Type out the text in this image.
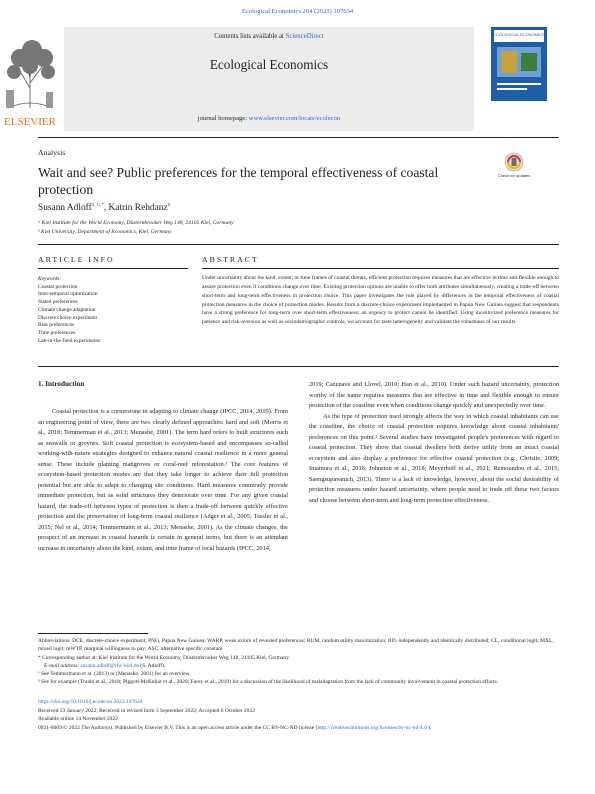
Ecological Economics 204 (2023) 107634
ELSEVIER
Contents lists available at ScienceDirect
Ecological Economics
journal homepage: www.elsevier.com/locate/ecolecon
ECOLOGICAL ECONOMICS
Analysis
Wait and see? Public preferences for the temporal effectiveness of coastal protection
Check for updates
Susann Adloff$^{a, b,*}$, Katrin Rehdanz$^b$
ᵃ Kiel Institute for the World Economy, Düsternbrooker Weg 148, 24105 Kiel, Germany
ᵇ Kiel University, Department of Economics, Kiel, Germany
ARTICLE INFO
Keywords:
Coastal protection
Inter-temporal optimization
Stated preferences
Climate change adaptation
Discrete choice experiment
Risk preferences
Time preferences
Lab-in-the-field experiments
ABSTRACT
Under uncertainty about the kind, extent, or time frames of coastal threats, efficient protection requires measures that are effective in time and flexible enough to assure protection even if conditions change over time. Existing protection options are unable to offer both attributes simultaneously, creating a trade-off between short-term and long-term effectiveness in protection choice. This paper investigates the role played by differences in the temporal effectiveness of coastal protection measures in the choice of protection modes. Results from a discrete-choice experiment implemented in Papua New Guinea suggest that respondents have a strong preference for long-term over short-term effectiveness; an urgency to protect cannot be identified. Using incentivized preference measures for patience and risk-aversion as well as sociodemographic controls, we account for taste heterogeneity and validate the robustness of our results.
1. Introduction

Coastal protection is a cornerstone in adapting to climate change (IPCC, 2014, 2019). From an engineering point of view, there are two clearly defined approaches: hard and soft (Morris et al., 2018; Temmerman et al., 2013; Menashe, 2001). The term hard refers to built structures such as seawalls or groynes. Soft coastal protection is ecosystem-based and encompasses so-called working-with-nature strategies designed to enhance natural coastal resilience in a more general sense. These include planting mangroves or coral-reef reforestation.¹ The core features of ecosystem-based protection modes are that they take longer to achieve their full protection potential but are able to adapt to changing site conditions. Hard measures commonly provide immediate protection, but as solid structures they deteriorate over time. For any given coastal hazard, the trade-off between types of protection is then a trade-off between quickly effective protection and the preservation of long-term coastal resilience (Adger et al., 2005; Tessler et al., 2015; Nel et al., 2014; Temmermann et al., 2013; Menashe, 2001). As the climate changes, the prospect of an increase in coastal hazards is certain in general terms, but there is an attendant increase in uncertainty about the kind, extent, and time frame of local hazards (IPCC, 2014,

2019; Cazenave and Llovel, 2010; Han et al., 2010). Under such hazard uncertainty, protection worthy of the name requires measures that are effective in time and flexible enough to ensure protection of the coastline even when conditions change quickly and unexpectedly over time.

As the type of protection used strongly affects the way in which coastal inhabitants can use the coastline, the choice of coastal protection requires knowledge about coastal inhabitants' preferences on this point.² Several studies have investigated people's preferences with regard to coastal protection. They show that coastal dwellers both derive utility from an intact coastal ecosystem and also display a preference for effective coastal protection (e.g., Christie, 2009; Imamura et al., 2016; Johnston et al., 2018; Meyerhoff et al., 2021; Remoundou et al., 2015; Saengsupavanich, 2013). There is a lack of knowledge, however, about the social desirability of protection measures under hazard uncertainty, where people need to trade off these two factors and choose between short-term and long-term protection effectiveness.

Abbreviations: DCE, discrete-choice experiment; PNG, Papua New Guinea; WARP, weak axiom of revealed preferences; RUM, random utility maximization; IID, independently and identically distributed; CL, conditional logit; MXL, mixed logit; mWTP, marginal willingness to pay; ASC, alternative specific constant
* Corresponding author at: Kiel Institute for the World Economy, Düsternbrooker Weg 148, 24105 Kiel, Germany.
E-mail address: susann.adloff@ifw-kiel.de (S. Adloff).
¹ See Temmermann et al. (2013) or (Menashe, 2001) for an overview.
² See for example (Torabi et al., 2018; Piggott-McKellar et al., 2020; Furey et al., 2010) for a discussion of the likelihood of maladaptation from the lack of community involvement in coastal protection efforts.
https://doi.org/10.1016/j.ecolecon.2022.107634
Received 23 January 2022; Received in revised form 3 September 2022; Accepted 6 October 2022
Available online 14 November 2022
0921-8009/© 2022 The Author(s). Published by Elsevier B.V. This is an open access article under the CC BY-NC-ND license (http://creativecommons.org/licenses/by-nc-nd/4.0/).
